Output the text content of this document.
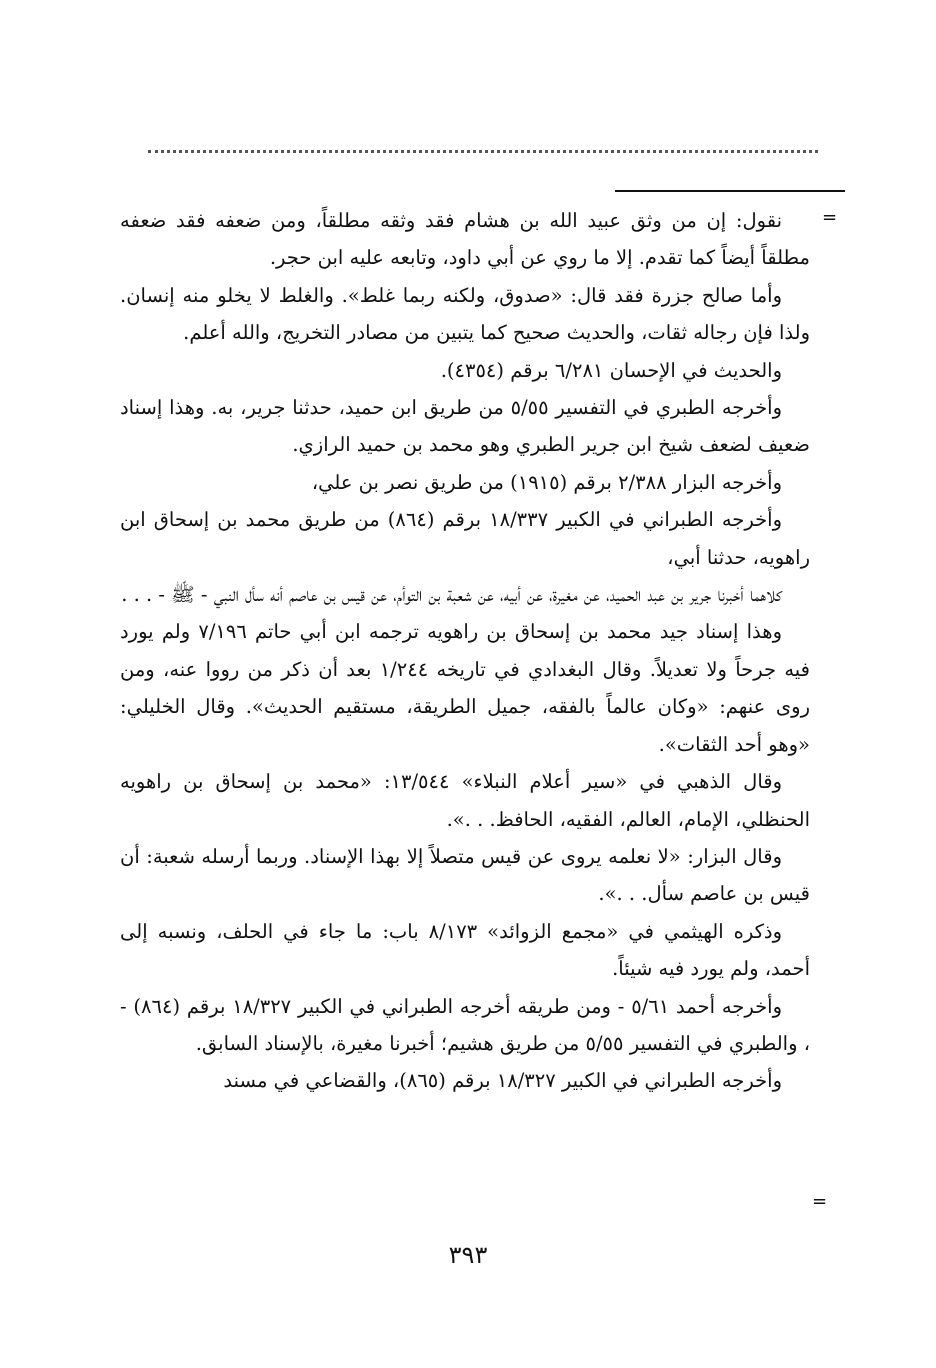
=

نقول: إن من وثق عبيد الله بن هشام فقد وثقه مطلقاً، ومن ضعفه فقد ضعفه مطلقاً أيضاً كما تقدم. إلا ما روي عن أبي داود، وتابعه عليه ابن حجر.

وأما صالح جزرة فقد قال: «صدوق، ولكنه ربما غلط». والغلط لا يخلو منه إنسان. ولذا فإن رجاله ثقات، والحديث صحيح كما يتبين من مصادر التخريج، والله أعلم.

والحديث في الإحسان ٦/٢٨١ برقم (٤٣٥٤).

وأخرجه الطبري في التفسير ٥/٥٥ من طريق ابن حميد، حدثنا جرير، به. وهذا إسناد ضعيف لضعف شيخ ابن جرير الطبري وهو محمد بن حميد الرازي.

وأخرجه البزار ٢/٣٨٨ برقم (١٩١٥) من طريق نصر بن علي،

وأخرجه الطبراني في الكبير ١٨/٣٣٧ برقم (٨٦٤) من طريق محمد بن إسحاق ابن راهويه، حدثنا أبي،

كلاهما أخبرنا جرير بن عبد الحميد، عن مغيرة، عن أبيه، عن شعبة بن التوأم، عن قيس بن عاصم أنه سأل النبي - ﷺ - . . .

وهذا إسناد جيد محمد بن إسحاق بن راهويه ترجمه ابن أبي حاتم ٧/١٩٦ ولم يورد فيه جرحاً ولا تعديلاً. وقال البغدادي في تاريخه ١/٢٤٤ بعد أن ذكر من رووا عنه، ومن روى عنهم: «وكان عالماً بالفقه، جميل الطريقة، مستقيم الحديث». وقال الخليلي: «وهو أحد الثقات».

وقال الذهبي في «سير أعلام النبلاء» ١٣/٥٤٤: «محمد بن إسحاق بن راهويه الحنظلي، الإمام، العالم، الفقيه، الحافظ. . .».

وقال البزار: «لا نعلمه يروى عن قيس متصلاً إلا بهذا الإسناد. وربما أرسله شعبة: أن قيس بن عاصم سأل. . .».

وذكره الهيثمي في «مجمع الزوائد» ٨/١٧٣ باب: ما جاء في الحلف، ونسبه إلى أحمد، ولم يورد فيه شيئاً.

وأخرجه أحمد ٥/٦١ - ومن طريقه أخرجه الطبراني في الكبير ١٨/٣٢٧ برقم (٨٦٤) - ، والطبري في التفسير ٥/٥٥ من طريق هشيم؛ أخبرنا مغيرة، بالإسناد السابق.

وأخرجه الطبراني في الكبير ١٨/٣٢٧ برقم (٨٦٥)، والقضاعي في مسند

=
٣٩٣
